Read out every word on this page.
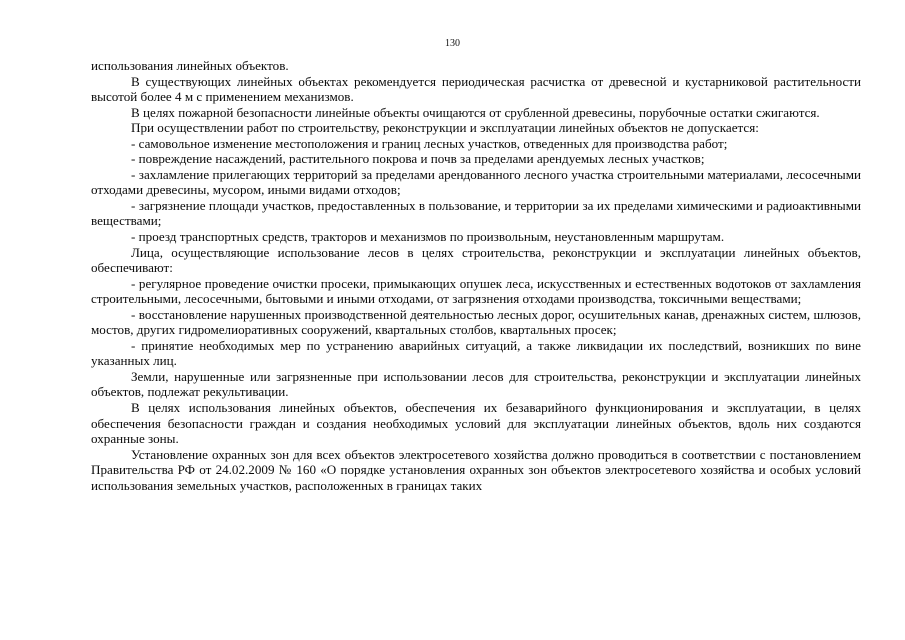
130

использования линейных объектов.

В существующих линейных объектах рекомендуется периодическая расчистка от древесной и кустарниковой растительности высотой более 4 м с применением механизмов.

В целях пожарной безопасности линейные объекты очищаются от срубленной древесины, порубочные остатки сжигаются.

При осуществлении работ по строительству, реконструкции и эксплуатации линейных объектов не допускается:

- самовольное изменение местоположения и границ лесных участков, отведенных для производства работ;

- повреждение насаждений, растительного покрова и почв за пределами арендуемых лесных участков;

- захламление прилегающих территорий за пределами арендованного лесного участка строительными материалами, лесосечными отходами древесины, мусором, иными видами отходов;

- загрязнение площади участков, предоставленных в пользование, и территории за их пределами химическими и радиоактивными веществами;

- проезд транспортных средств, тракторов и механизмов по произвольным, неустановленным маршрутам.

Лица, осуществляющие использование лесов в целях строительства, реконструкции и эксплуатации линейных объектов, обеспечивают:

- регулярное проведение очистки просеки, примыкающих опушек леса, искусственных и естественных водотоков от захламления строительными, лесосечными, бытовыми и иными отходами, от загрязнения отходами производства, токсичными веществами;

- восстановление нарушенных производственной деятельностью лесных дорог, осушительных канав, дренажных систем, шлюзов, мостов, других гидромелиоративных сооружений, квартальных столбов, квартальных просек;

- принятие необходимых мер по устранению аварийных ситуаций, а также ликвидации их последствий, возникших по вине указанных лиц.

Земли, нарушенные или загрязненные при использовании лесов для строительства, реконструкции и эксплуатации линейных объектов, подлежат рекультивации.

В целях использования линейных объектов, обеспечения их безаварийного функционирования и эксплуатации, в целях обеспечения безопасности граждан и создания необходимых условий для эксплуатации линейных объектов, вдоль них создаются охранные зоны.

Установление охранных зон для всех объектов электросетевого хозяйства должно проводиться в соответствии с постановлением Правительства РФ от 24.02.2009 № 160 «О порядке установления охранных зон объектов электросетевого хозяйства и особых условий использования земельных участков, расположенных в границах таких
